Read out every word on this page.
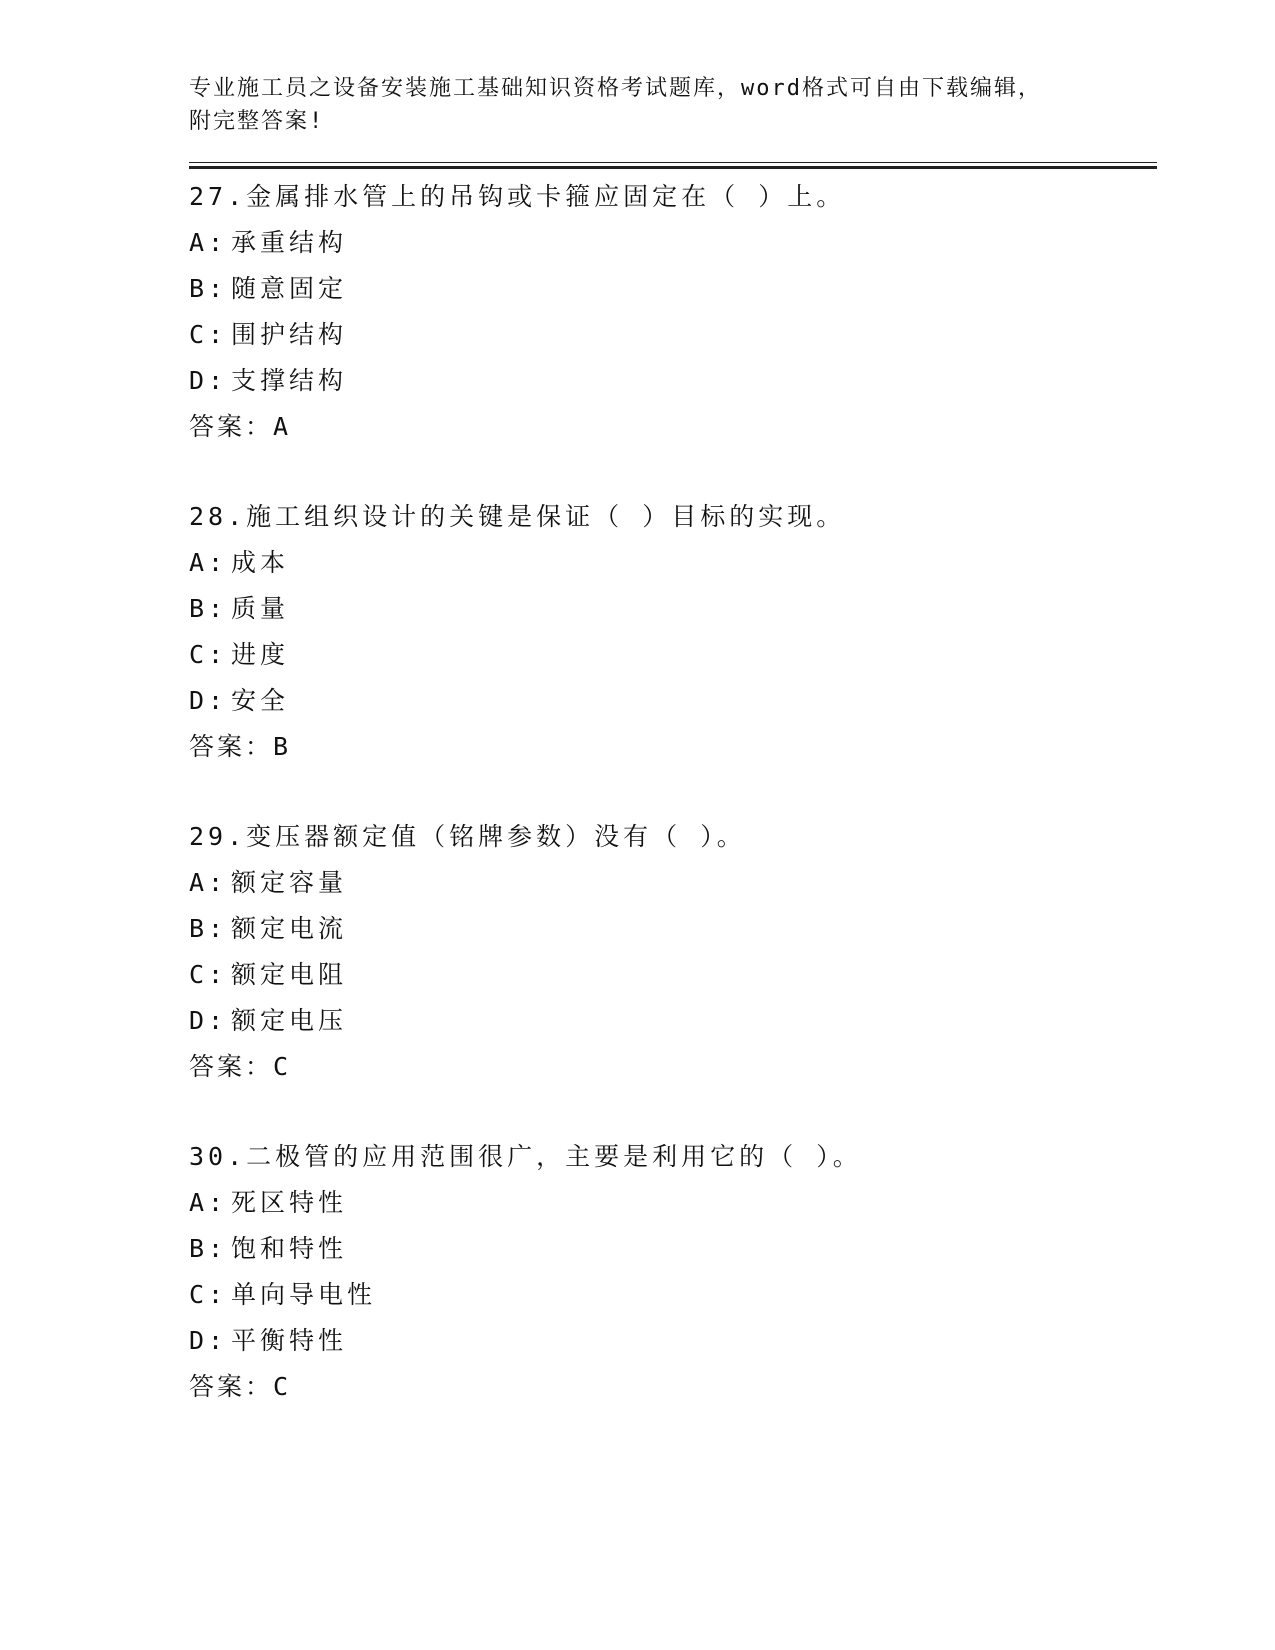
专业施工员之设备安装施工基础知识资格考试题库，word格式可自由下载编辑，
附完整答案!

27.金属排水管上的吊钩或卡箍应固定在（ ）上。
A: 承重结构
B: 随意固定
C: 围护结构
D: 支撑结构
答案：A
28.施工组织设计的关键是保证（ ）目标的实现。
A: 成本
B: 质量
C: 进度
D: 安全
答案：B
29.变压器额定值（铭牌参数）没有（ ）。
A: 额定容量
B: 额定电流
C: 额定电阻
D: 额定电压
答案：C
30.二极管的应用范围很广，主要是利用它的（ ）。
A: 死区特性
B: 饱和特性
C: 单向导电性
D: 平衡特性
答案：C
